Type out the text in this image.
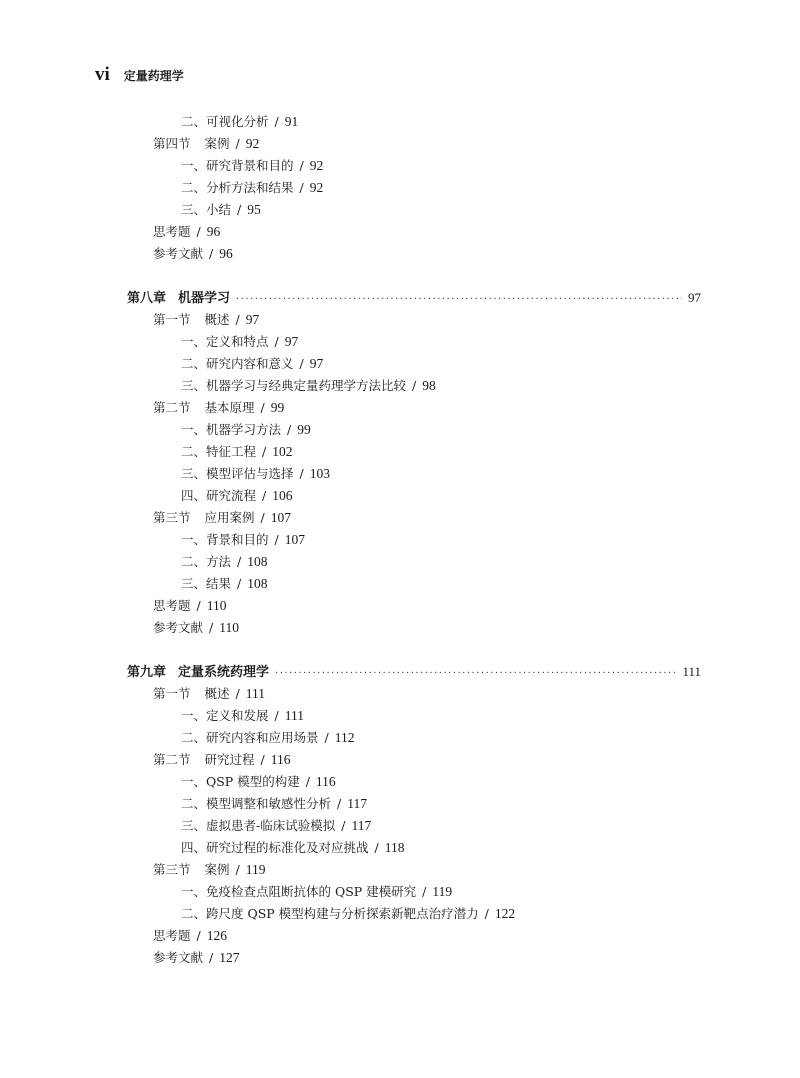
vi 定量药理学
二、可视化分析 / 91
第四节 案例 / 92
一、研究背景和目的 / 92
二、分析方法和结果 / 92
三、小结 / 95
思考题 / 96
参考文献 / 96
第八章 机器学习 ·····	97
第一节 概述 / 97
一、定义和特点 / 97
二、研究内容和意义 / 97
三、机器学习与经典定量药理学方法比较 / 98
第二节 基本原理 / 99
一、机器学习方法 / 99
二、特征工程 / 102
三、模型评估与选择 / 103
四、研究流程 / 106
第三节 应用案例 / 107
一、背景和目的 / 107
二、方法 / 108
三、结果 / 108
思考题 / 110
参考文献 / 110
第九章 定量系统药理学 ·····	111
第一节 概述 / 111
一、定义和发展 / 111
二、研究内容和应用场景 / 112
第二节 研究过程 / 116
一、QSP 模型的构建 / 116
二、模型调整和敏感性分析 / 117
三、虚拟患者-临床试验模拟 / 117
四、研究过程的标准化及对应挑战 / 118
第三节 案例 / 119
一、免疫检查点阻断抗体的 QSP 建模研究 / 119
二、跨尺度 QSP 模型构建与分析探索新靶点治疗潜力 / 122
思考题 / 126
参考文献 / 127
